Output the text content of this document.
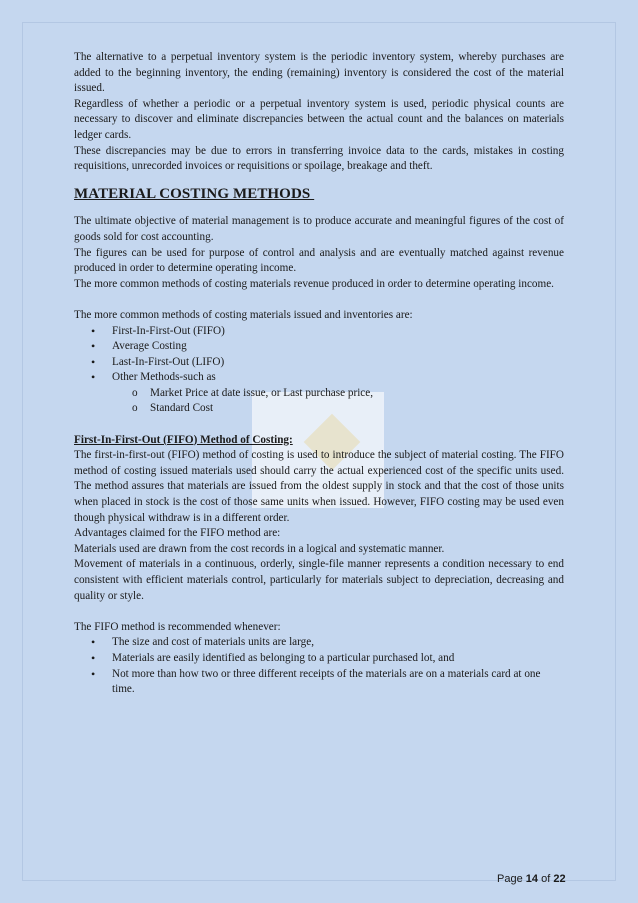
The alternative to a perpetual inventory system is the periodic inventory system, whereby purchases are added to the beginning inventory, the ending (remaining) inventory is considered the cost of the material issued.

Regardless of whether a periodic or a perpetual inventory system is used, periodic physical counts are necessary to discover and eliminate discrepancies between the actual count and the balances on materials ledger cards.

These discrepancies may be due to errors in transferring invoice data to the cards, mistakes in costing requisitions, unrecorded invoices or requisitions or spoilage, breakage and theft.

MATERIAL COSTING METHODS

The ultimate objective of material management is to produce accurate and meaningful figures of the cost of goods sold for cost accounting.

The figures can be used for purpose of control and analysis and are eventually matched against revenue produced in order to determine operating income.

The more common methods of costing materials revenue produced in order to determine operating income.

The more common methods of costing materials issued and inventories are:

• First-In-First-Out (FIFO)
• Average Costing
• Last-In-First-Out (LIFO)
• Other Methods-such as
o Market Price at date issue, or Last purchase price,
o Standard Cost

First-In-First-Out (FIFO) Method of Costing:

The first-in-first-out (FIFO) method of costing is used to introduce the subject of material costing. The FIFO method of costing issued materials used should carry the actual experienced cost of the specific units used. The method assures that materials are issued from the oldest supply in stock and that the cost of those units when placed in stock is the cost of those same units when issued. However, FIFO costing may be used even though physical withdraw is in a different order.

Advantages claimed for the FIFO method are:

Materials used are drawn from the cost records in a logical and systematic manner.

Movement of materials in a continuous, orderly, single-file manner represents a condition necessary to end consistent with efficient materials control, particularly for materials subject to depreciation, decreasing and quality or style.

The FIFO method is recommended whenever:

• The size and cost of materials units are large,
• Materials are easily identified as belonging to a particular purchased lot, and
• Not more than how two or three different receipts of the materials are on a materials card at one time.
Page 14 of 22
